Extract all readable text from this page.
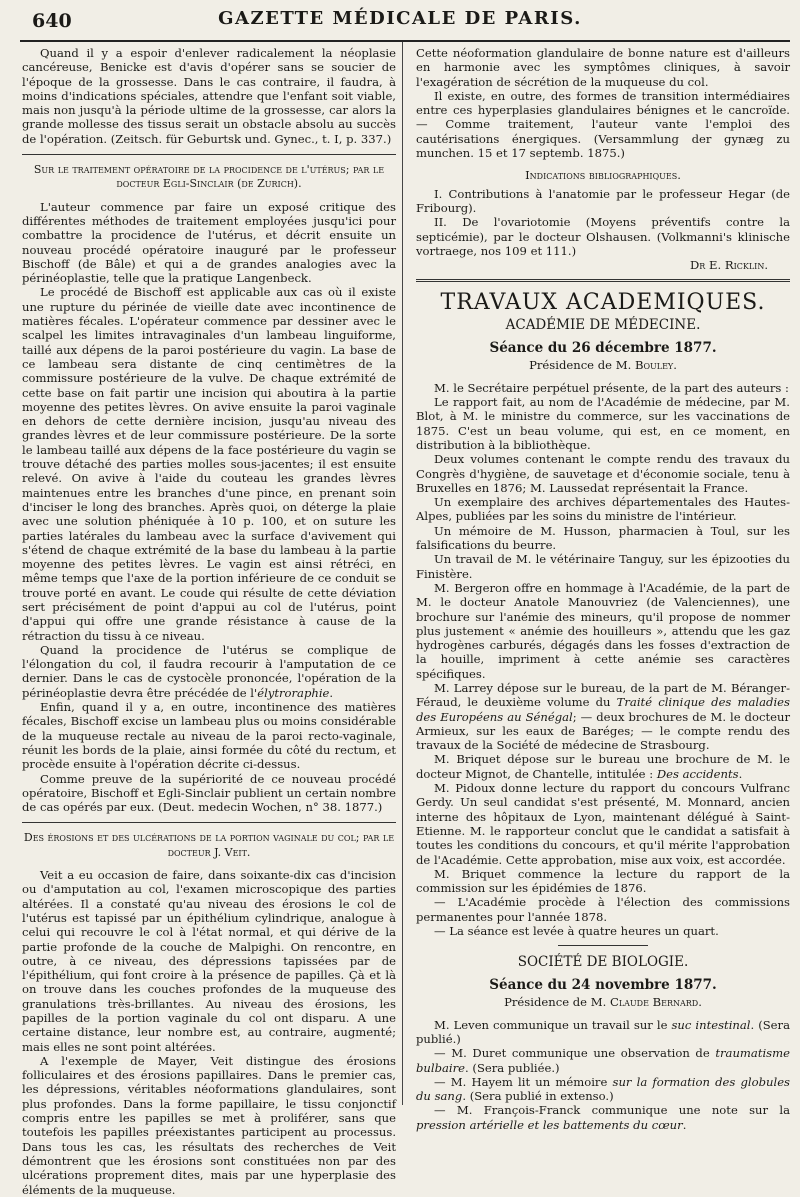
640	GAZETTE MÉDICALE DE PARIS.

Quand il y a espoir d'enlever radicalement la néoplasie cancéreuse, Benicke est d'avis d'opérer sans se soucier de l'époque de la grossesse. Dans le cas contraire, il faudra, à moins d'indications spéciales, attendre que l'enfant soit viable, mais non jusqu'à la période ultime de la grossesse, car alors la grande mollesse des tissus serait un obstacle absolu au succès de l'opération. (Zeitsch. für Geburtsk und. Gynec., t. I, p. 337.)

Sur le traitement opératoire de la procidence de l'utérus; par le docteur Egli-Sinclair (de Zurich).

L'auteur commence par faire un exposé critique des différentes méthodes de traitement employées jusqu'ici pour combattre la procidence de l'utérus, et décrit ensuite un nouveau procédé opératoire inauguré par le professeur Bischoff (de Bâle) et qui a de grandes analogies avec la périnéoplastie, telle que la pratique Langenbeck.

Le procédé de Bischoff est applicable aux cas où il existe une rupture du périnée de vieille date avec incontinence de matières fécales. L'opérateur commence par dessiner avec le scalpel les limites intravaginales d'un lambeau linguiforme, taillé aux dépens de la paroi postérieure du vagin. La base de ce lambeau sera distante de cinq centimètres de la commissure postérieure de la vulve. De chaque extrémité de cette base on fait partir une incision qui aboutira à la partie moyenne des petites lèvres. On avive ensuite la paroi vaginale en dehors de cette dernière incision, jusqu'au niveau des grandes lèvres et de leur commissure postérieure. De la sorte le lambeau taillé aux dépens de la face postérieure du vagin se trouve détaché des parties molles sous-jacentes; il est ensuite relevé. On avive à l'aide du couteau les grandes lèvres maintenues entre les branches d'une pince, en prenant soin d'inciser le long des branches. Après quoi, on déterge la plaie avec une solution phéniquée à 10 p. 100, et on suture les parties latérales du lambeau avec la surface d'avivement qui s'étend de chaque extrémité de la base du lambeau à la partie moyenne des petites lèvres. Le vagin est ainsi rétréci, en même temps que l'axe de la portion inférieure de ce conduit se trouve porté en avant. Le coude qui résulte de cette déviation sert précisément de point d'appui au col de l'utérus, point d'appui qui offre une grande résistance à cause de la rétraction du tissu à ce niveau.

Quand la procidence de l'utérus se complique de l'élongation du col, il faudra recourir à l'amputation de ce dernier. Dans le cas de cystocèle prononcée, l'opération de la périnéoplastie devra être précédée de l'élytroraphie.

Enfin, quand il y a, en outre, incontinence des matières fécales, Bischoff excise un lambeau plus ou moins considérable de la muqueuse rectale au niveau de la paroi recto-vaginale, réunit les bords de la plaie, ainsi formée du côté du rectum, et procède ensuite à l'opération décrite ci-dessus.

Comme preuve de la supériorité de ce nouveau procédé opératoire, Bischoff et Egli-Sinclair publient un certain nombre de cas opérés par eux. (Deut. medecin Wochen, n° 38. 1877.)

Des érosions et des ulcérations de la portion vaginale du col; par le docteur J. Veit.

Veit a eu occasion de faire, dans soixante-dix cas d'incision ou d'amputation au col, l'examen microscopique des parties altérées. Il a constaté qu'au niveau des érosions le col de l'utérus est tapissé par un épithélium cylindrique, analogue à celui qui recouvre le col à l'état normal, et qui dérive de la partie profonde de la couche de Malpighi. On rencontre, en outre, à ce niveau, des dépressions tapissées par de l'épithélium, qui font croire à la présence de papilles. Çà et là on trouve dans les couches profondes de la muqueuse des granulations très-brillantes. Au niveau des érosions, les papilles de la portion vaginale du col ont disparu. A une certaine distance, leur nombre est, au contraire, augmenté; mais elles ne sont point altérées.

A l'exemple de Mayer, Veit distingue des érosions folliculaires et des érosions papillaires. Dans le premier cas, les dépressions, véritables néoformations glandulaires, sont plus profondes. Dans la forme papillaire, le tissu conjonctif compris entre les papilles se met à proliférer, sans que toutefois les papilles préexistantes participent au processus. Dans tous les cas, les résultats des recherches de Veit démontrent que les érosions sont constituées non par des ulcérations proprement dites, mais par une hyperplasie des éléments de la muqueuse.

Cette néoformation glandulaire de bonne nature est d'ailleurs en harmonie avec les symptômes cliniques, à savoir l'exagération de sécrétion de la muqueuse du col.

Il existe, en outre, des formes de transition intermédiaires entre ces hyperplasies glandulaires bénignes et le cancroïde. — Comme traitement, l'auteur vante l'emploi des cautérisations énergiques. (Versammlung der gynæg zu munchen. 15 et 17 septemb. 1875.)

Indications bibliographiques.

I. Contributions à l'anatomie par le professeur Hegar (de Fribourg).

II. De l'ovariotomie (Moyens préventifs contre la septicémie), par le docteur Olshausen. (Volkmanni's klinische vortraege, nos 109 et 111.)

Dr E. Ricklin.

TRAVAUX ACADEMIQUES.

ACADÉMIE DE MÉDECINE.

Séance du 26 décembre 1877.

Présidence de M. Bouley.

M. le Secrétaire perpétuel présente, de la part des auteurs :

Le rapport fait, au nom de l'Académie de médecine, par M. Blot, à M. le ministre du commerce, sur les vaccinations de 1875. C'est un beau volume, qui est, en ce moment, en distribution à la bibliothèque.

Deux volumes contenant le compte rendu des travaux du Congrès d'hygiène, de sauvetage et d'économie sociale, tenu à Bruxelles en 1876; M. Laussedat représentait la France.

Un exemplaire des archives départementales des Hautes-Alpes, publiées par les soins du ministre de l'intérieur.

Un mémoire de M. Husson, pharmacien à Toul, sur les falsifications du beurre.

Un travail de M. le vétérinaire Tanguy, sur les épizooties du Finistère.

M. Bergeron offre en hommage à l'Académie, de la part de M. le docteur Anatole Manouvriez (de Valenciennes), une brochure sur l'anémie des mineurs, qu'il propose de nommer plus justement « anémie des houilleurs », attendu que les gaz hydrogènes carburés, dégagés dans les fosses d'extraction de la houille, impriment à cette anémie ses caractères spécifiques.

M. Larrey dépose sur le bureau, de la part de M. Béranger-Féraud, le deuxième volume du Traité clinique des maladies des Européens au Sénégal; — deux brochures de M. le docteur Armieux, sur les eaux de Baréges; — le compte rendu des travaux de la Société de médecine de Strasbourg.

M. Briquet dépose sur le bureau une brochure de M. le docteur Mignot, de Chantelle, intitulée : Des accidents.

M. Pidoux donne lecture du rapport du concours Vulfranc Gerdy. Un seul candidat s'est présenté, M. Monnard, ancien interne des hôpitaux de Lyon, maintenant délégué à Saint-Etienne. M. le rapporteur conclut que le candidat a satisfait à toutes les conditions du concours, et qu'il mérite l'approbation de l'Académie. Cette approbation, mise aux voix, est accordée.

M. Briquet commence la lecture du rapport de la commission sur les épidémies de 1876.

— L'Académie procède à l'élection des commissions permanentes pour l'année 1878.

— La séance est levée à quatre heures un quart.

SOCIÉTÉ DE BIOLOGIE.

Séance du 24 novembre 1877.

Présidence de M. Claude Bernard.

M. Leven communique un travail sur le suc intestinal. (Sera publié.)

— M. Duret communique une observation de traumatisme bulbaire. (Sera publiée.)

— M. Hayem lit un mémoire sur la formation des globules du sang. (Sera publié in extenso.)

— M. François-Franck communique une note sur la pression artérielle et les battements du cœur.
